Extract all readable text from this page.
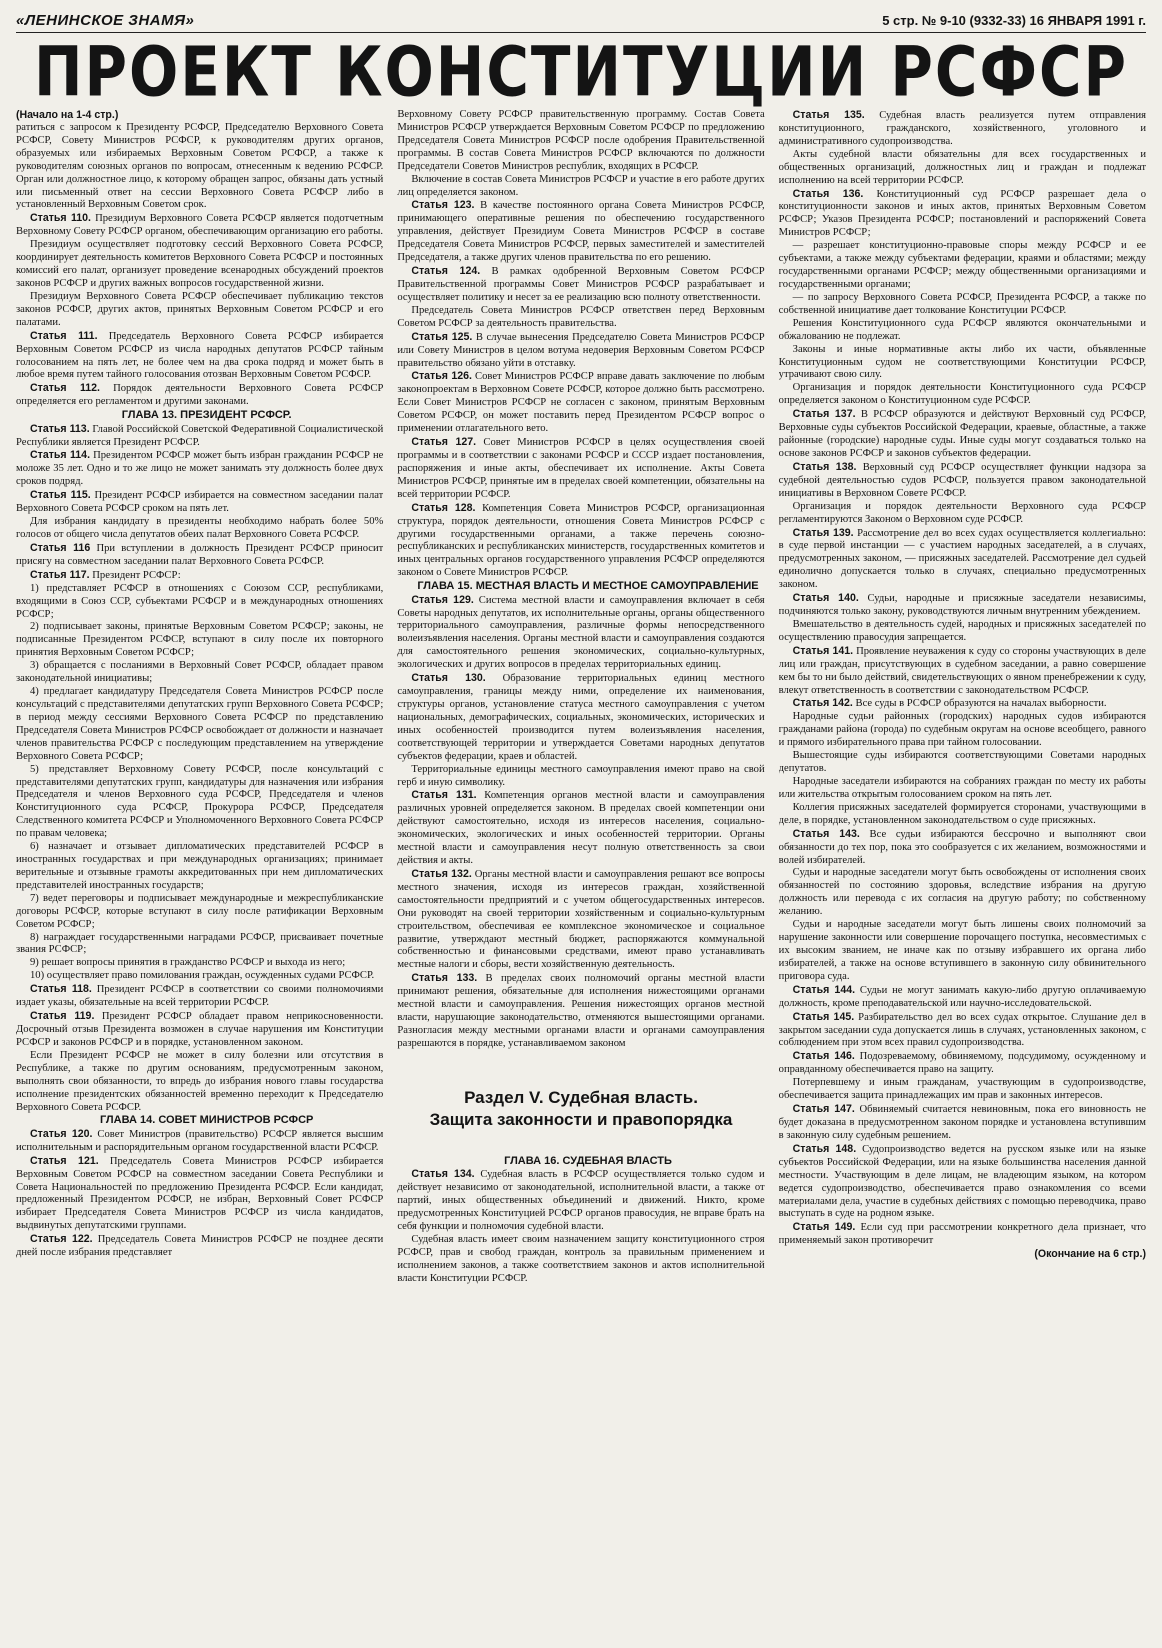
«ЛЕНИНСКОЕ ЗНАМЯ»	5 стр. № 9-10 (9332-33) 16 ЯНВАРЯ 1991 г.
ПРОЕКТ КОНСТИТУЦИИ РСФСР

(Начало на 1-4 стр.)

ратиться с запросом к Президенту РСФСР, Председателю Верховного Совета РСФСР, Совету Министров РСФСР, к руководителям других органов, образуемых или избираемых Верховным Советом РСФСР, а также к руководителям союзных органов по вопросам, отнесенным к ведению РСФСР. Орган или должностное лицо, к которому обращен запрос, обязаны дать устный или письменный ответ на сессии Верховного Совета РСФСР либо в установленный Верховным Советом срок.

Статья 110. Президиум Верховного Совета РСФСР является подотчетным Верховному Совету РСФСР органом, обеспечивающим организацию его работы.

Президиум осуществляет подготовку сессий Верховного Совета РСФСР, координирует деятельность комитетов Верховного Совета РСФСР и постоянных комиссий его палат, организует проведение всенародных обсуждений проектов законов РСФСР и других важных вопросов государственной жизни.

Президиум Верховного Совета РСФСР обеспечивает публикацию текстов законов РСФСР, других актов, принятых Верховным Советом РСФСР и его палатами.

Статья 111. Председатель Верховного Совета РСФСР избирается Верховным Советом РСФСР из числа народных депутатов РСФСР тайным голосованием на пять лет, не более чем на два срока подряд и может быть в любое время путем тайного голосования отозван Верховным Советом РСФСР.

Статья 112. Порядок деятельности Верховного Совета РСФСР определяется его регламентом и другими законами.

ГЛАВА 13. ПРЕЗИДЕНТ РСФСР.

Статья 113. Главой Российской Советской Федеративной Социалистической Республики является Президент РСФСР.

Статья 114. Президентом РСФСР может быть избран гражданин РСФСР не моложе 35 лет. Одно и то же лицо не может занимать эту должность более двух сроков подряд.

Статья 115. Президент РСФСР избирается на совместном заседании палат Верховного Совета РСФСР сроком на пять лет.

Для избрания кандидату в президенты необходимо набрать более 50% голосов от общего числа депутатов обеих палат Верховного Совета РСФСР.

Статья 116 При вступлении в должность Президент РСФСР приносит присягу на совместном заседании палат Верховного Совета РСФСР.

Статья 117. Президент РСФСР:

1) представляет РСФСР в отношениях с Союзом ССР, республиками, входящими в Союз ССР, субъектами РСФСР и в международных отношениях РСФСР;

2) подписывает законы, принятые Верховным Советом РСФСР; законы, не подписанные Президентом РСФСР, вступают в силу после их повторного принятия Верховным Советом РСФСР;

3) обращается с посланиями в Верховный Совет РСФСР, обладает правом законодательной инициативы;

4) предлагает кандидатуру Председателя Совета Министров РСФСР после консультаций с представителями депутатских групп Верховного Совета РСФСР; в период между сессиями Верховного Совета РСФСР по представлению Председателя Совета Министров РСФСР освобождает от должности и назначает членов правительства РСФСР с последующим представлением на утверждение Верховного Совета РСФСР;

5) представляет Верховному Совету РСФСР, после консультаций с представителями депутатских групп, кандидатуры для назначения или избрания Председателя и членов Верховного суда РСФСР, Председателя и членов Конституционного суда РСФСР, Прокурора РСФСР, Председателя Следственного комитета РСФСР и Уполномоченного Верховного Совета РСФСР по правам человека;

6) назначает и отзывает дипломатических представителей РСФСР в иностранных государствах и при международных организациях; принимает верительные и отзывные грамоты аккредитованных при нем дипломатических представителей иностранных государств;

7) ведет переговоры и подписывает международные и межреспубликанские договоры РСФСР, которые вступают в силу после ратификации Верховным Советом РСФСР;

8) награждает государственными наградами РСФСР, присваивает почетные звания РСФСР;

9) решает вопросы принятия в гражданство РСФСР и выхода из него;

10) осуществляет право помилования граждан, осужденных судами РСФСР.

Статья 118. Президент РСФСР в соответствии со своими полномочиями издает указы, обязательные на всей территории РСФСР.

Статья 119. Президент РСФСР обладает правом неприкосновенности. Досрочный отзыв Президента возможен в случае нарушения им Конституции РСФСР и законов РСФСР и в порядке, установленном законом.

Если Президент РСФСР не может в силу болезни или отсутствия в Республике, а также по другим основаниям, предусмотренным законом, выполнять свои обязанности, то впредь до избрания нового главы государства исполнение президентских обязанностей временно переходит к Председателю Верховного Совета РСФСР.

ГЛАВА 14. СОВЕТ МИНИСТРОВ РСФСР

Статья 120. Совет Министров (правительство) РСФСР является высшим исполнительным и распорядительным органом государственной власти РСФСР.

Статья 121. Председатель Совета Министров РСФСР избирается Верховным Советом РСФСР на совместном заседании Совета Республики и Совета Национальностей по предложению Президента РСФСР. Если кандидат, предложенный Президентом РСФСР, не избран, Верховный Совет РСФСР избирает Председателя Совета Министров РСФСР из числа кандидатов, выдвинутых депутатскими группами.

Статья 122. Председатель Совета Министров РСФСР не позднее десяти дней после избрания представляет

Верховному Совету РСФСР правительственную программу. Состав Совета Министров РСФСР утверждается Верховным Советом РСФСР по предложению Председателя Совета Министров РСФСР после одобрения Правительственной программы. В состав Совета Министров РСФСР включаются по должности Председатели Советов Министров республик, входящих в РСФСР.

Включение в состав Совета Министров РСФСР и участие в его работе других лиц определяется законом.

Статья 123. В качестве постоянного органа Совета Министров РСФСР, принимающего оперативные решения по обеспечению государственного управления, действует Президиум Совета Министров РСФСР в составе Председателя Совета Министров РСФСР, первых заместителей и заместителей Председателя, а также других членов правительства по его решению.

Статья 124. В рамках одобренной Верховным Советом РСФСР Правительственной программы Совет Министров РСФСР разрабатывает и осуществляет политику и несет за ее реализацию всю полноту ответственности.

Председатель Совета Министров РСФСР ответствен перед Верховным Советом РСФСР за деятельность правительства.

Статья 125. В случае вынесения Председателю Совета Министров РСФСР или Совету Министров в целом вотума недоверия Верховным Советом РСФСР правительство обязано уйти в отставку.

Статья 126. Совет Министров РСФСР вправе давать заключение по любым законопроектам в Верховном Совете РСФСР, которое должно быть рассмотрено. Если Совет Министров РСФСР не согласен с законом, принятым Верховным Советом РСФСР, он может поставить перед Президентом РСФСР вопрос о применении отлагательного вето.

Статья 127. Совет Министров РСФСР в целях осуществления своей программы и в соответствии с законами РСФСР и СССР издает постановления, распоряжения и иные акты, обеспечивает их исполнение. Акты Совета Министров РСФСР, принятые им в пределах своей компетенции, обязательны на всей территории РСФСР.

Статья 128. Компетенция Совета Министров РСФСР, организационная структура, порядок деятельности, отношения Совета Министров РСФСР с другими государственными органами, а также перечень союзно-республиканских и республиканских министерств, государственных комитетов и иных центральных органов государственного управления РСФСР определяются законом о Совете Министров РСФСР.

ГЛАВА 15. МЕСТНАЯ ВЛАСТЬ И МЕСТНОЕ САМОУПРАВЛЕНИЕ

Статья 129. Система местной власти и самоуправления включает в себя Советы народных депутатов, их исполнительные органы, органы общественного территориального самоуправления, различные формы непосредственного волеизъявления населения. Органы местной власти и самоуправления создаются для самостоятельного решения экономических, социально-культурных, экологических и других вопросов в пределах территориальных единиц.

Статья 130. Образование территориальных единиц местного самоуправления, границы между ними, определение их наименования, структуры органов, установление статуса местного самоуправления с учетом национальных, демографических, социальных, экономических, исторических и иных особенностей производится путем волеизъявления населения, соответствующей территории и утверждается Советами народных депутатов субъектов федерации, краев и областей.

Территориальные единицы местного самоуправления имеют право на свой герб и иную символику.

Статья 131. Компетенция органов местной власти и самоуправления различных уровней определяется законом. В пределах своей компетенции они действуют самостоятельно, исходя из интересов населения, социально-экономических, экологических и иных особенностей территории. Органы местной власти и самоуправления несут полную ответственность за свои действия и акты.

Статья 132. Органы местной власти и самоуправления решают все вопросы местного значения, исходя из интересов граждан, хозяйственной самостоятельности предприятий и с учетом общегосударственных интересов. Они руководят на своей территории хозяйственным и социально-культурным строительством, обеспечивая ее комплексное экономическое и социальное развитие, утверждают местный бюджет, распоряжаются коммунальной собственностью и финансовыми средствами, имеют право устанавливать местные налоги и сборы, вести хозяйственную деятельность.

Статья 133. В пределах своих полномочий органы местной власти принимают решения, обязательные для исполнения нижестоящими органами местной власти и самоуправления. Решения нижестоящих органов местной власти, нарушающие законодательство, отменяются вышестоящими органами. Разногласия между местными органами власти и органами самоуправления разрешаются в порядке, устанавливаемом законом

Раздел V. Судебная власть.
Защита законности и правопорядка

ГЛАВА 16. СУДЕБНАЯ ВЛАСТЬ

Статья 134. Судебная власть в РСФСР осуществляется только судом и действует независимо от законодательной, исполнительной власти, а также от партий, иных общественных объединений и движений. Никто, кроме предусмотренных Конституцией РСФСР органов правосудия, не вправе брать на себя функции и полномочия судебной власти.

Судебная власть имеет своим назначением защиту конституционного строя РСФСР, прав и свобод граждан, контроль за правильным применением и исполнением законов, а также соответствием законов и актов исполнительной власти Конституции РСФСР.

Статья 135. Судебная власть реализуется путем отправления конституционного, гражданского, хозяйственного, уголовного и административного судопроизводства.

Акты судебной власти обязательны для всех государственных и общественных организаций, должностных лиц и граждан и подлежат исполнению на всей территории РСФСР.

Статья 136. Конституционный суд РСФСР разрешает дела о конституционности законов и иных актов, принятых Верховным Советом РСФСР; Указов Президента РСФСР; постановлений и распоряжений Совета Министров РСФСР;

— разрешает конституционно-правовые споры между РСФСР и ее субъектами, а также между субъектами федерации, краями и областями; между государственными органами РСФСР; между общественными организациями и государственными органами;

— по запросу Верховного Совета РСФСР, Президента РСФСР, а также по собственной инициативе дает толкование Конституции РСФСР.

Решения Конституционного суда РСФСР являются окончательными и обжалованию не подлежат.

Законы и иные нормативные акты либо их части, объявленные Конституционным судом не соответствующими Конституции РСФСР, утрачивают свою силу.

Организация и порядок деятельности Конституционного суда РСФСР определяется законом о Конституционном суде РСФСР.

Статья 137. В РСФСР образуются и действуют Верховный суд РСФСР, Верховные суды субъектов Российской Федерации, краевые, областные, а также районные (городские) народные суды. Иные суды могут создаваться только на основе законов РСФСР и законов субъектов федерации.

Статья 138. Верховный суд РСФСР осуществляет функции надзора за судебной деятельностью судов РСФСР, пользуется правом законодательной инициативы в Верховном Совете РСФСР.

Организация и порядок деятельности Верховного суда РСФСР регламентируются Законом о Верховном суде РСФСР.

Статья 139. Рассмотрение дел во всех судах осуществляется коллегиально: в суде первой инстанции — с участием народных заседателей, а в случаях, предусмотренных законом, — присяжных заседателей. Рассмотрение дел судьей единолично допускается только в случаях, специально предусмотренных законом.

Статья 140. Судьи, народные и присяжные заседатели независимы, подчиняются только закону, руководствуются личным внутренним убеждением.

Вмешательство в деятельность судей, народных и присяжных заседателей по осуществлению правосудия запрещается.

Статья 141. Проявление неуважения к суду со стороны участвующих в деле лиц или граждан, присутствующих в судебном заседании, а равно совершение кем бы то ни было действий, свидетельствующих о явном пренебрежении к суду, влекут ответственность в соответствии с законодательством РСФСР.

Статья 142. Все суды в РСФСР образуются на началах выборности.

Народные судьи районных (городских) народных судов избираются гражданами района (города) по судебным округам на основе всеобщего, равного и прямого избирательного права при тайном голосовании.

Вышестоящие суды избираются соответствующими Советами народных депутатов.

Народные заседатели избираются на собраниях граждан по месту их работы или жительства открытым голосованием сроком на пять лет.

Коллегия присяжных заседателей формируется сторонами, участвующими в деле, в порядке, установленном законодательством о суде присяжных.

Статья 143. Все судьи избираются бессрочно и выполняют свои обязанности до тех пор, пока это сообразуется с их желанием, возможностями и волей избирателей.

Судьи и народные заседатели могут быть освобождены от исполнения своих обязанностей по состоянию здоровья, вследствие избрания на другую должность или перевода с их согласия на другую работу; по собственному желанию.

Судьи и народные заседатели могут быть лишены своих полномочий за нарушение законности или совершение порочащего поступка, несовместимых с их высоким званием, не иначе как по отзыву избравшего их органа либо избирателей, а также на основе вступившего в законную силу обвинительного приговора суда.

Статья 144. Судьи не могут занимать какую-либо другую оплачиваемую должность, кроме преподавательской или научно-исследовательской.

Статья 145. Разбирательство дел во всех судах открытое. Слушание дел в закрытом заседании суда допускается лишь в случаях, установленных законом, с соблюдением при этом всех правил судопроизводства.

Статья 146. Подозреваемому, обвиняемому, подсудимому, осужденному и оправданному обеспечивается право на защиту.

Потерпевшему и иным гражданам, участвующим в судопроизводстве, обеспечивается защита принадлежащих им прав и законных интересов.

Статья 147. Обвиняемый считается невиновным, пока его виновность не будет доказана в предусмотренном законом порядке и установлена вступившим в законную силу судебным решением.

Статья 148. Судопроизводство ведется на русском языке или на языке субъектов Российской Федерации, или на языке большинства населения данной местности. Участвующим в деле лицам, не владеющим языком, на котором ведется судопроизводство, обеспечивается право ознакомления со всеми материалами дела, участие в судебных действиях с помощью переводчика, право выступать в суде на родном языке.

Статья 149. Если суд при рассмотрении конкретного дела признает, что применяемый закон противоречит

(Окончание на 6 стр.)
